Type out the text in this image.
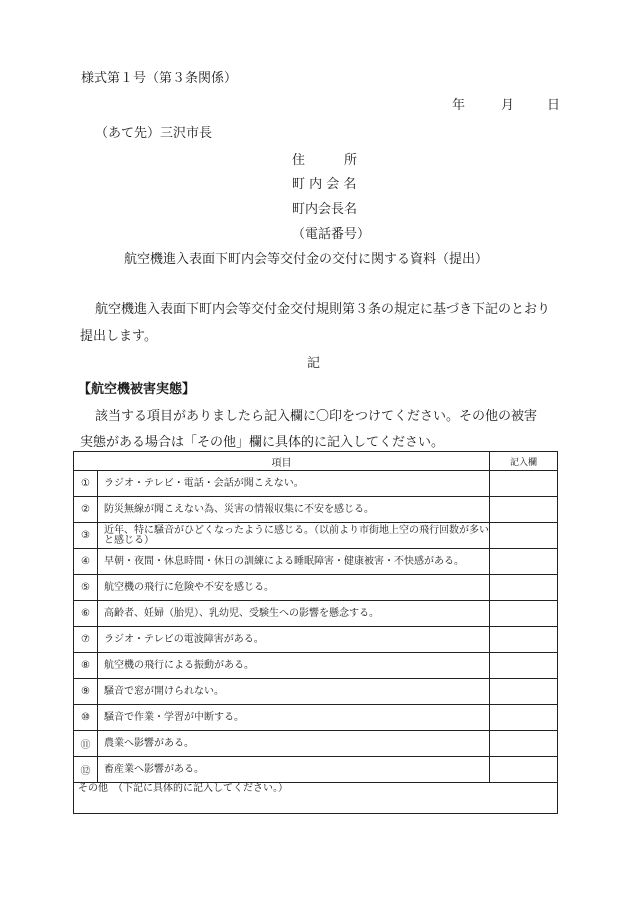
様式第１号（第３条関係）
年	月	日
（あて先）三沢市長
住　　　所
町 内 会 名
町内会長名
（電話番号）
航空機進入表面下町内会等交付金の交付に関する資料（提出）
航空機進入表面下町内会等交付金交付規則第３条の規定に基づき下記のとおり
提出します。
記
【航空機被害実態】
該当する項目がありましたら記入欄に〇印をつけてください。その他の被害
実態がある場合は「その他」欄に具体的に記入してください。
項目		記入欄
①	ラジオ・テレビ・電話・会話が聞こえない。	
②	防災無線が聞こえない為、災害の情報収集に不安を感じる。	
③	近年、特に騒音がひどくなったように感じる。（以前より市街地上空の飛行回数が多いと感じる）	
④	早朝・夜間・休息時間・休日の訓練による睡眠障害・健康被害・不快感がある。	
⑤	航空機の飛行に危険や不安を感じる。	
⑥	高齢者、妊婦（胎児）、乳幼児、受験生への影響を懸念する。	
⑦	ラジオ・テレビの電波障害がある。	
⑧	航空機の飛行による振動がある。	
⑨	騒音で窓が開けられない。	
⑩	騒音で作業・学習が中断する。	
⑪	農業へ影響がある。	
⑫	畜産業へ影響がある。	
その他　（下記に具体的に記入してください。）		
